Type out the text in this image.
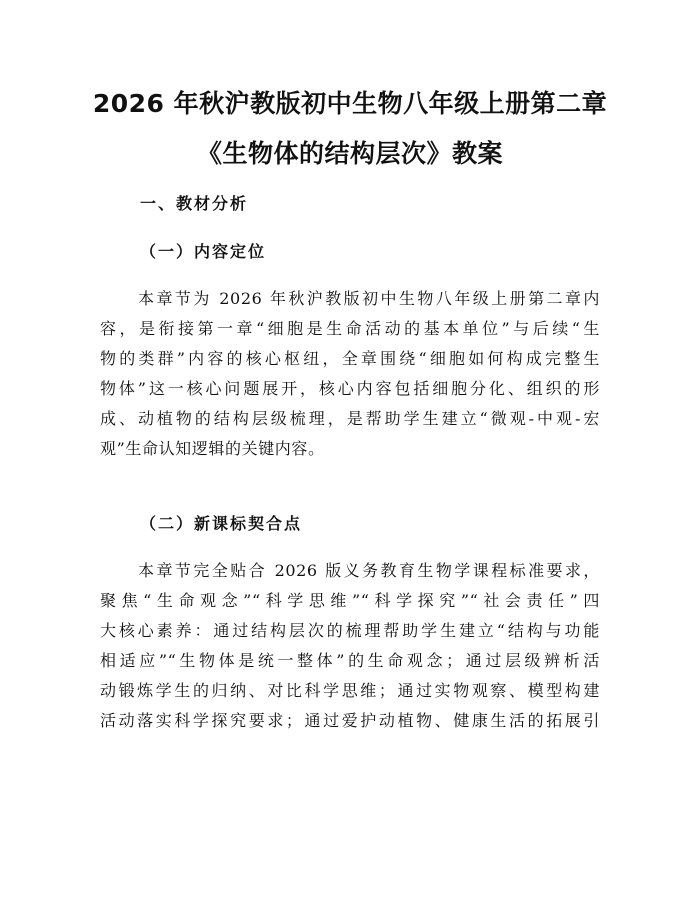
2026 年秋沪教版初中生物八年级上册第二章
《生物体的结构层次》教案
一、教材分析
（一）内容定位

本章节为 2026 年秋沪教版初中生物八年级上册第二章内
容，是衔接第一章“细胞是生命活动的基本单位”与后续“生
物的类群”内容的核心枢纽，全章围绕“细胞如何构成完整生
物体”这一核心问题展开，核心内容包括细胞分化、组织的形
成、动植物的结构层级梳理，是帮助学生建立“微观-中观-宏
观”生命认知逻辑的关键内容。

（二）新课标契合点

本章节完全贴合 2026 版义务教育生物学课程标准要求，
聚焦“生命观念”“科学思维”“科学探究”“社会责任”四
大核心素养：通过结构层次的梳理帮助学生建立“结构与功能
相适应”“生物体是统一整体”的生命观念；通过层级辨析活
动锻炼学生的归纳、对比科学思维；通过实物观察、模型构建
活动落实科学探究要求；通过爱护动植物、健康生活的拓展引
